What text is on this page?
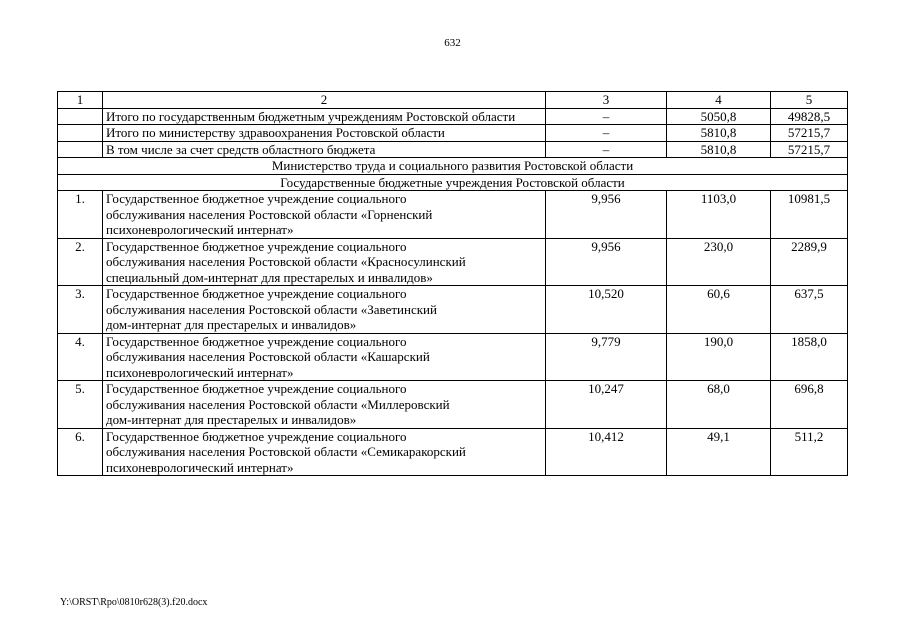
632
1	2	3	4	5
	Итого по государственным бюджетным учреждениям Ростовской области	–	5050,8	49828,5
	Итого по министерству здравоохранения Ростовской области	–	5810,8	57215,7
	В том числе за счет средств областного бюджета	–	5810,8	57215,7
Министерство труда и социального развития Ростовской области				
Государственные бюджетные учреждения Ростовской области				
1.	Государственное бюджетное учреждение социального
обслуживания населения Ростовской области «Горненский
психоневрологический интернат»	9,956	1103,0	10981,5
2.	Государственное бюджетное учреждение социального
обслуживания населения Ростовской области «Красносулинский
специальный дом-интернат для престарелых и инвалидов»	9,956	230,0	2289,9
3.	Государственное бюджетное учреждение социального
обслуживания населения Ростовской области «Заветинский
дом-интернат для престарелых и инвалидов»	10,520	60,6	637,5
4.	Государственное бюджетное учреждение социального
обслуживания населения Ростовской области «Кашарский
психоневрологический интернат»	9,779	190,0	1858,0
5.	Государственное бюджетное учреждение социального
обслуживания населения Ростовской области «Миллеровский
дом-интернат для престарелых и инвалидов»	10,247	68,0	696,8
6.	Государственное бюджетное учреждение социального
обслуживания населения Ростовской области «Семикаракорский
психоневрологический интернат»	10,412	49,1	511,2
Y:\ORST\Rpo\0810r628(3).f20.docx
